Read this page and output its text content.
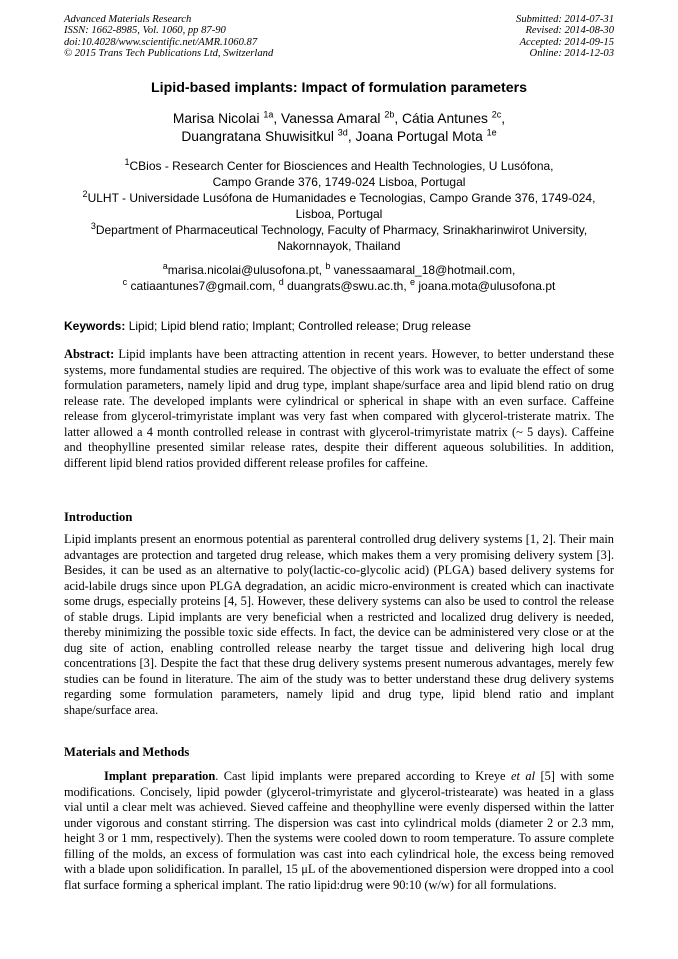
Advanced Materials Research
ISSN: 1662-8985, Vol. 1060, pp 87-90
doi:10.4028/www.scientific.net/AMR.1060.87
© 2015 Trans Tech Publications Ltd, Switzerland
Submitted: 2014-07-31
Revised: 2014-08-30
Accepted: 2014-09-15
Online: 2014-12-03
Lipid-based implants: Impact of formulation parameters
Marisa Nicolai $^{1a}$, Vanessa Amaral $^{2b}$, Cátia Antunes $^{2c}$,
Duangratana Shuwisitkul $^{3d}$, Joana Portugal Mota $^{1e}$
$^1$CBios - Research Center for Biosciences and Health Technologies, U Lusófona,
Campo Grande 376, 1749-024 Lisboa, Portugal
$^2$ULHT - Universidade Lusófona de Humanidades e Tecnologias, Campo Grande 376, 1749-024,
Lisboa, Portugal
$^3$Department of Pharmaceutical Technology, Faculty of Pharmacy, Srinakharinwirot University,
Nakornnayok, Thailand
$^a$marisa.nicolai@ulusofona.pt, $^b$ vanessaamaral_18@hotmail.com,
$^c$ catiaantunes7@gmail.com, $^d$ duangrats@swu.ac.th, $^e$ joana.mota@ulusofona.pt
Keywords: Lipid; Lipid blend ratio; Implant; Controlled release; Drug release
Abstract: Lipid implants have been attracting attention in recent years. However, to better understand these systems, more fundamental studies are required. The objective of this work was to evaluate the effect of some formulation parameters, namely lipid and drug type, implant shape/surface area and lipid blend ratio on drug release rate. The developed implants were cylindrical or spherical in shape with an even surface. Caffeine release from glycerol-trimyristate implant was very fast when compared with glycerol-tristerate matrix. The latter allowed a 4 month controlled release in contrast with glycerol-trimyristate matrix (~ 5 days). Caffeine and theophylline presented similar release rates, despite their different aqueous solubilities. In addition, different lipid blend ratios provided different release profiles for caffeine.
Introduction
Lipid implants present an enormous potential as parenteral controlled drug delivery systems [1, 2]. Their main advantages are protection and targeted drug release, which makes them a very promising delivery system [3]. Besides, it can be used as an alternative to poly(lactic-co-glycolic acid) (PLGA) based delivery systems for acid-labile drugs since upon PLGA degradation, an acidic micro-environment is created which can inactivate some drugs, especially proteins [4, 5]. However, these delivery systems can also be used to control the release of stable drugs. Lipid implants are very beneficial when a restricted and localized drug delivery is needed, thereby minimizing the possible toxic side effects. In fact, the device can be administered very close or at the dug site of action, enabling controlled release nearby the target tissue and delivering high local drug concentrations [3]. Despite the fact that these drug delivery systems present numerous advantages, merely few studies can be found in literature. The aim of the study was to better understand these drug delivery systems regarding some formulation parameters, namely lipid and drug type, lipid blend ratio and implant shape/surface area.
Materials and Methods
Implant preparation. Cast lipid implants were prepared according to Kreye et al [5] with some modifications. Concisely, lipid powder (glycerol-trimyristate and glycerol-tristearate) was heated in a glass vial until a clear melt was achieved. Sieved caffeine and theophylline were evenly dispersed within the latter under vigorous and constant stirring. The dispersion was cast into cylindrical molds (diameter 2 or 2.3 mm, height 3 or 1 mm, respectively). Then the systems were cooled down to room temperature. To assure complete filling of the molds, an excess of formulation was cast into each cylindrical hole, the excess being removed with a blade upon solidification. In parallel, 15 μL of the abovementioned dispersion were dropped into a cool flat surface forming a spherical implant. The ratio lipid:drug were 90:10 (w/w) for all formulations.
